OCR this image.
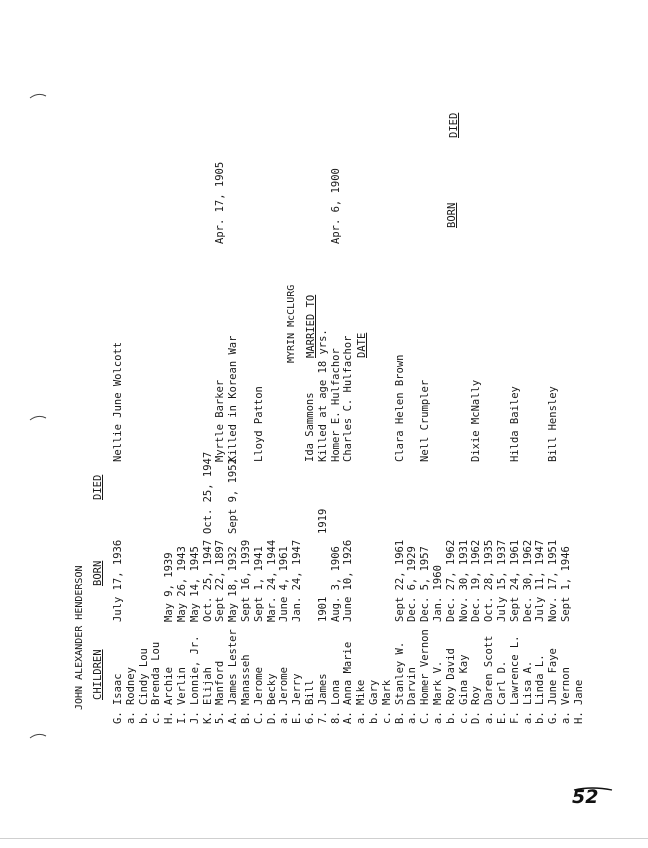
JOHN ALEXANDER HENDERSON
MYRIN McCLURG
CHILDREN
BORN
DIED
MARRIED TO	DATE
BORN
DIED
G. Isaac
July 17, 1936
Nellie June Wolcott
a. Rodney b. Cindy Lou c. Brenda Lou H. Archie
May 9, 1939
I. Verlin
May 26, 1943
J. Lonnie, Jr.
May 14, 1945
K. Elijah
Oct. 25, 1947
Oct. 25, 1947
5. Manford
Sept 22, 1897
Myrtle Barker
Apr. 17, 1905
A. James Lester
May 18, 1932
Sept 9, 1952
Killed in Korean War
B. Manasseh
Sept 16, 1939
C. Jerome
Sept 1, 1941
Lloyd Patton
D. Becky
Mar. 24, 1944
a. Jerome
June 4, 1961
E. Jerry
Jan. 24, 1947
6. Bill
Ida Sammons
7. James
1901
1919
Killed at age 18 yrs.
8. Lona
Aug. 3, 1906
Homer E. Hulfachor
Apr. 6, 1900
A. Anna Marie
June 10, 1926
Charles C. Hulfachor
a. Mike b. Gary c. Mark B. Stanley W.
Sept 22, 1961
Clara Helen Brown
a. Darvin
Dec. 6, 1929
C. Homer Vernon
Dec. 5, 1957
Nell Crumpler
a. Mark V.
Jan. 1960
b. Roy David
Dec. 27, 1962
c. Gina Kay
Nov. 30, 1931
D. Roy
Dec. 19, 1962
Dixie McNally
a. Daren Scott
Oct. 28, 1935
E. Carl D.
July 15, 1937
F. Lawrence L.
Sept 24, 1961
Hilda Bailey
a. Lisa A.
Dec. 30, 1962
b. Linda L.
July 11, 1947
G. June Faye
Nov. 17, 1951
Bill Hensley
a. Vernon
Sept 1, 1946
H. Jane
52
